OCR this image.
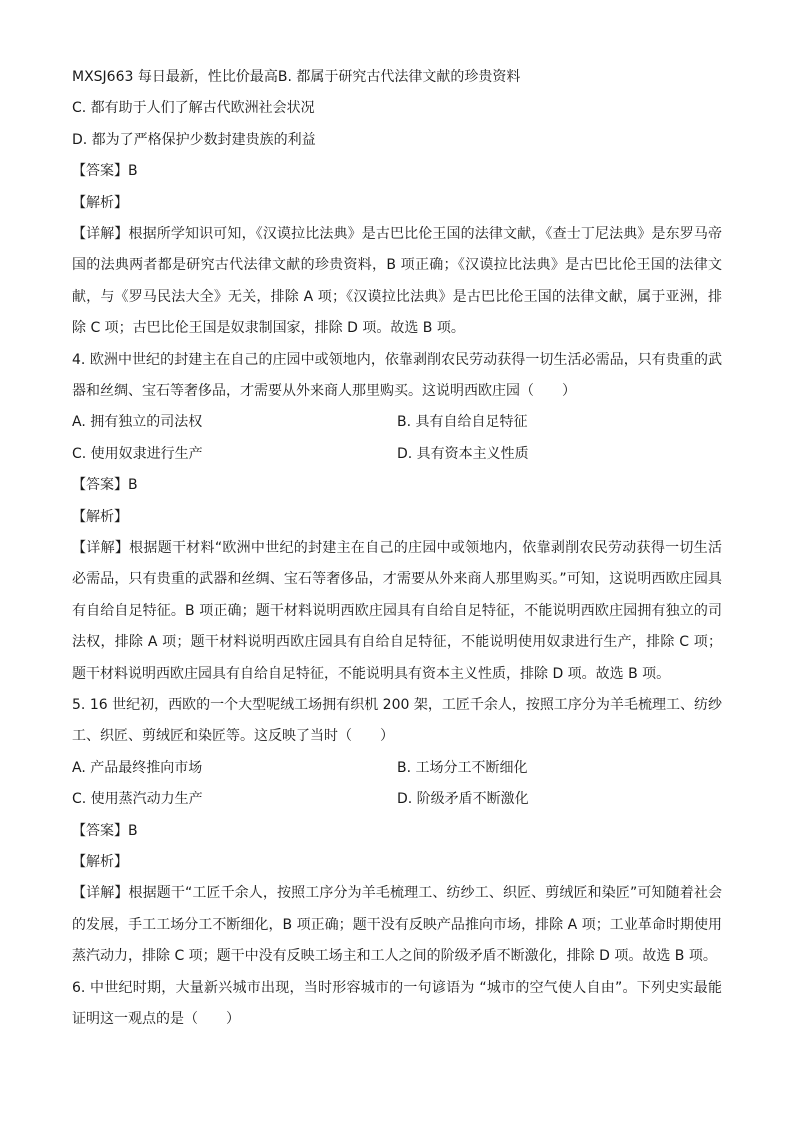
MXSJ663 每日最新，性比价最高B. 都属于研究古代法律文献的珍贵资料
C. 都有助于人们了解古代欧洲社会状况
D. 都为了严格保护少数封建贵族的利益
【答案】B
【解析】
【详解】根据所学知识可知，《汉谟拉比法典》是古巴比伦王国的法律文献，《查士丁尼法典》是东罗马帝国的法典两者都是研究古代法律文献的珍贵资料，B 项正确；《汉谟拉比法典》是古巴比伦王国的法律文献，与《罗马民法大全》无关，排除 A 项；《汉谟拉比法典》是古巴比伦王国的法律文献，属于亚洲，排除 C 项；古巴比伦王国是奴隶制国家，排除 D 项。故选 B 项。
4. 欧洲中世纪的封建主在自己的庄园中或领地内，依靠剥削农民劳动获得一切生活必需品，只有贵重的武器和丝绸、宝石等奢侈品，才需要从外来商人那里购买。这说明西欧庄园（　　）
A. 拥有独立的司法权	B. 具有自给自足特征
C. 使用奴隶进行生产	D. 具有资本主义性质
【答案】B
【解析】
【详解】根据题干材料“欧洲中世纪的封建主在自己的庄园中或领地内，依靠剥削农民劳动获得一切生活必需品，只有贵重的武器和丝绸、宝石等奢侈品，才需要从外来商人那里购买。”可知，这说明西欧庄园具有自给自足特征。B 项正确；题干材料说明西欧庄园具有自给自足特征，不能说明西欧庄园拥有独立的司法权，排除 A 项；题干材料说明西欧庄园具有自给自足特征，不能说明使用奴隶进行生产，排除 C 项；题干材料说明西欧庄园具有自给自足特征，不能说明具有资本主义性质，排除 D 项。故选 B 项。
5. 16 世纪初，西欧的一个大型呢绒工场拥有织机 200 架，工匠千余人，按照工序分为羊毛梳理工、纺纱工、织匠、剪绒匠和染匠等。这反映了当时（　　）
A. 产品最终推向市场	B. 工场分工不断细化
C. 使用蒸汽动力生产	D. 阶级矛盾不断激化
【答案】B
【解析】
【详解】根据题干“工匠千余人，按照工序分为羊毛梳理工、纺纱工、织匠、剪绒匠和染匠”可知随着社会的发展，手工工场分工不断细化，B 项正确；题干没有反映产品推向市场，排除 A 项；工业革命时期使用蒸汽动力，排除 C 项；题干中没有反映工场主和工人之间的阶级矛盾不断激化，排除 D 项。故选 B 项。
6. 中世纪时期，大量新兴城市出现，当时形容城市的一句谚语为 “城市的空气使人自由”。下列史实最能证明这一观点的是（　　）
